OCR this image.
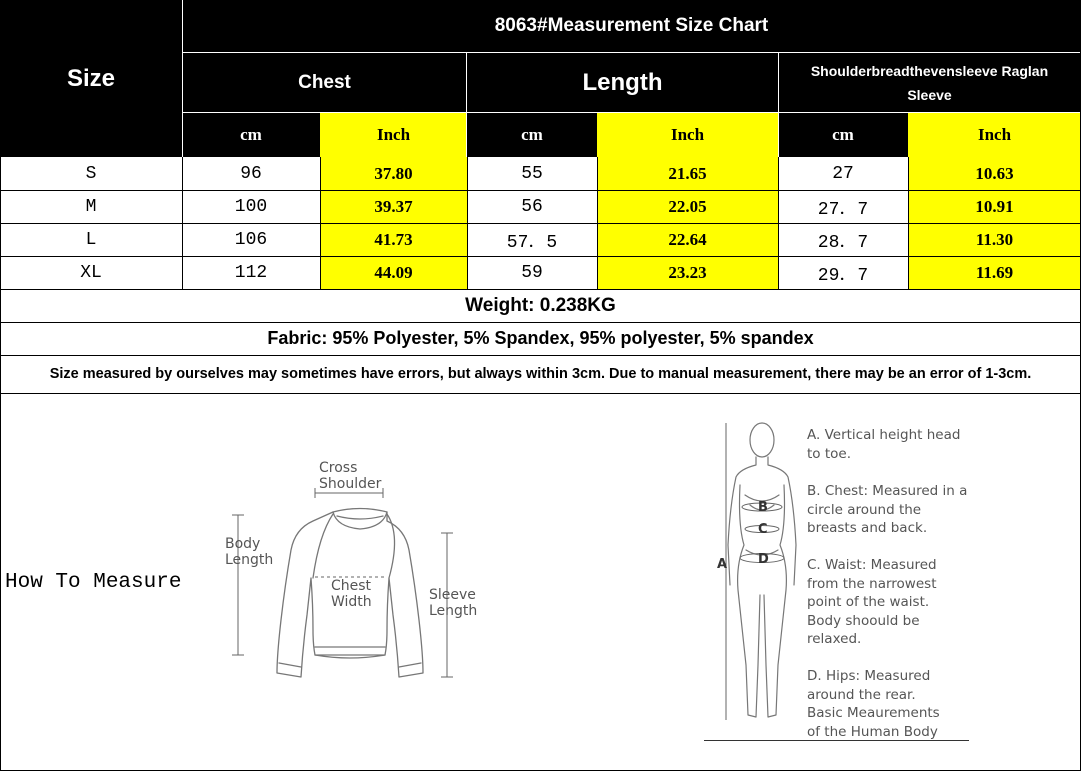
Size
8063#Measurement Size Chart
Chest	Length	Shoulderbreadthevensleeve Raglan Sleeve
cm	Inch	cm	Inch	cm	Inch
S	96	37.80	55	21.65	27	10.63
M	100	39.37	56	22.05	27．7	10.91
L	106	41.73	57．5	22.64	28．7	11.30
XL	112	44.09	59	23.23	29．7	11.69
Weight: 0.238KG
Fabric: 95% Polyester, 5% Spandex, 95% polyester, 5% spandex
Size measured by ourselves may sometimes have errors, but always within 3cm. Due to manual measurement, there may be an error of 1-3cm.
How To Measure
Cross
Shoulder
Body
Length
Chest
Width	Sleeve
Length
A
B
C
D
A. Vertical height head
to toe.
B. Chest: Measured in a
circle around the
breasts and back.
C. Waist: Measured
from the narrowest
point of the waist.
Body shoould be
relaxed.
D. Hips: Measured
around the rear.
Basic Meaurements
of the Human Body
